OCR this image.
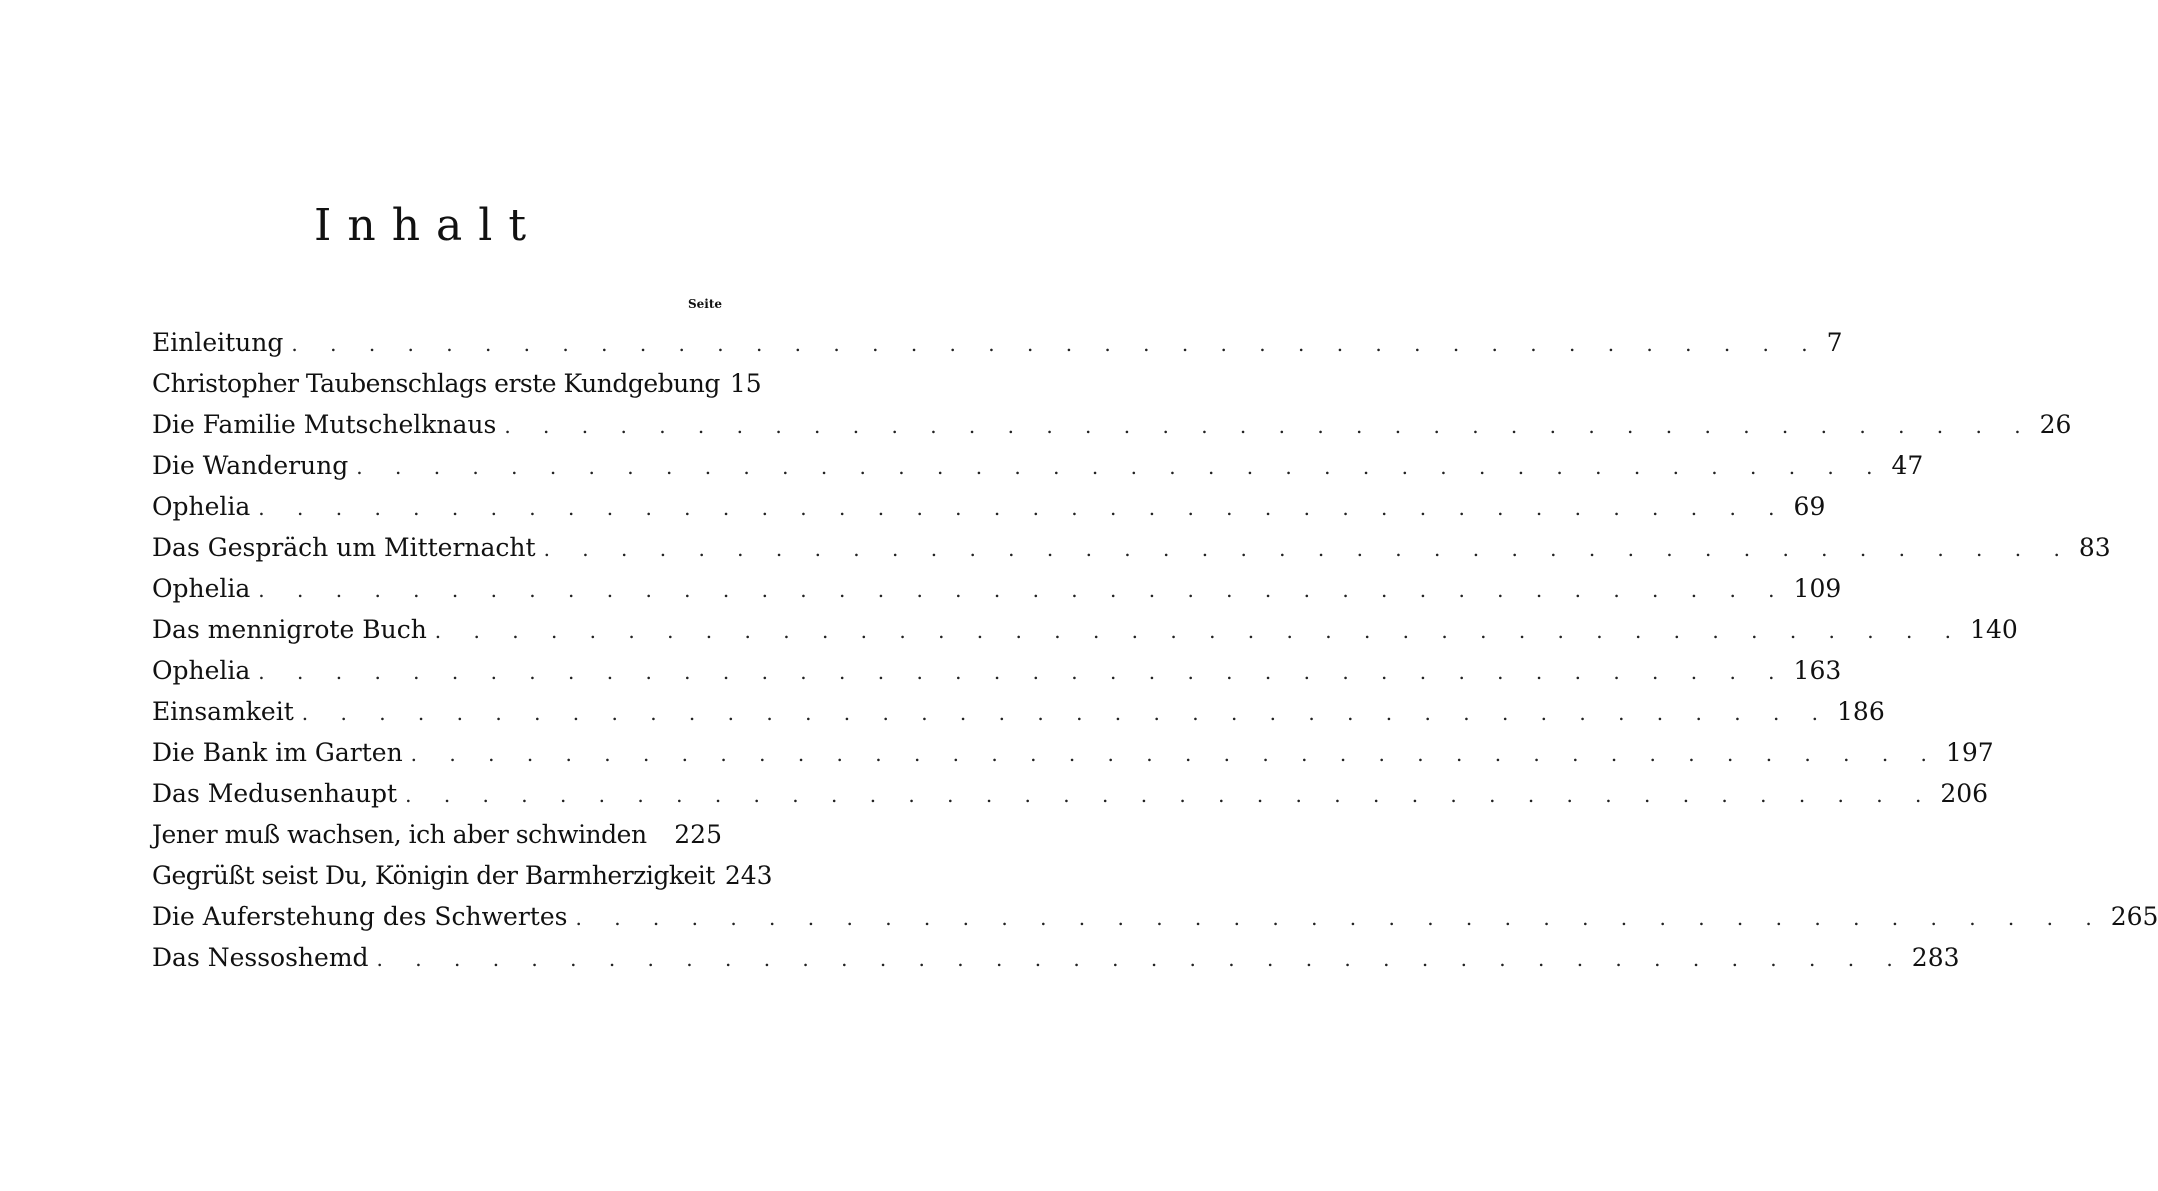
Inhalt
Seite
Einleitung . . . . . . . . . . . . . . . . . . . . . . . . . . . . . . . . . . . . . . . . 7
Christopher Taubenschlags erste Kundgebung 15
Die Familie Mutschelknaus . . . . . . . . . . . . . . . . . . . . . . . . . . . . . . . . . . . . . . . . 26
Die Wanderung . . . . . . . . . . . . . . . . . . . . . . . . . . . . . . . . . . . . . . . . 47
Ophelia . . . . . . . . . . . . . . . . . . . . . . . . . . . . . . . . . . . . . . . . 69
Das Gespräch um Mitternacht . . . . . . . . . . . . . . . . . . . . . . . . . . . . . . . . . . . . . . . . 83
Ophelia . . . . . . . . . . . . . . . . . . . . . . . . . . . . . . . . . . . . . . . . 109
Das mennigrote Buch . . . . . . . . . . . . . . . . . . . . . . . . . . . . . . . . . . . . . . . . 140
Ophelia . . . . . . . . . . . . . . . . . . . . . . . . . . . . . . . . . . . . . . . . 163
Einsamkeit . . . . . . . . . . . . . . . . . . . . . . . . . . . . . . . . . . . . . . . . 186
Die Bank im Garten . . . . . . . . . . . . . . . . . . . . . . . . . . . . . . . . . . . . . . . . 197
Das Medusenhaupt . . . . . . . . . . . . . . . . . . . . . . . . . . . . . . . . . . . . . . . . 206
Jener muß wachsen, ich aber schwinden	225
Gegrüßt seist Du, Königin der Barmherzigkeit 243
Die Auferstehung des Schwertes . . . . . . . . . . . . . . . . . . . . . . . . . . . . . . . . . . . . . . . . 265
Das Nessoshemd . . . . . . . . . . . . . . . . . . . . . . . . . . . . . . . . . . . . . . . . 283
